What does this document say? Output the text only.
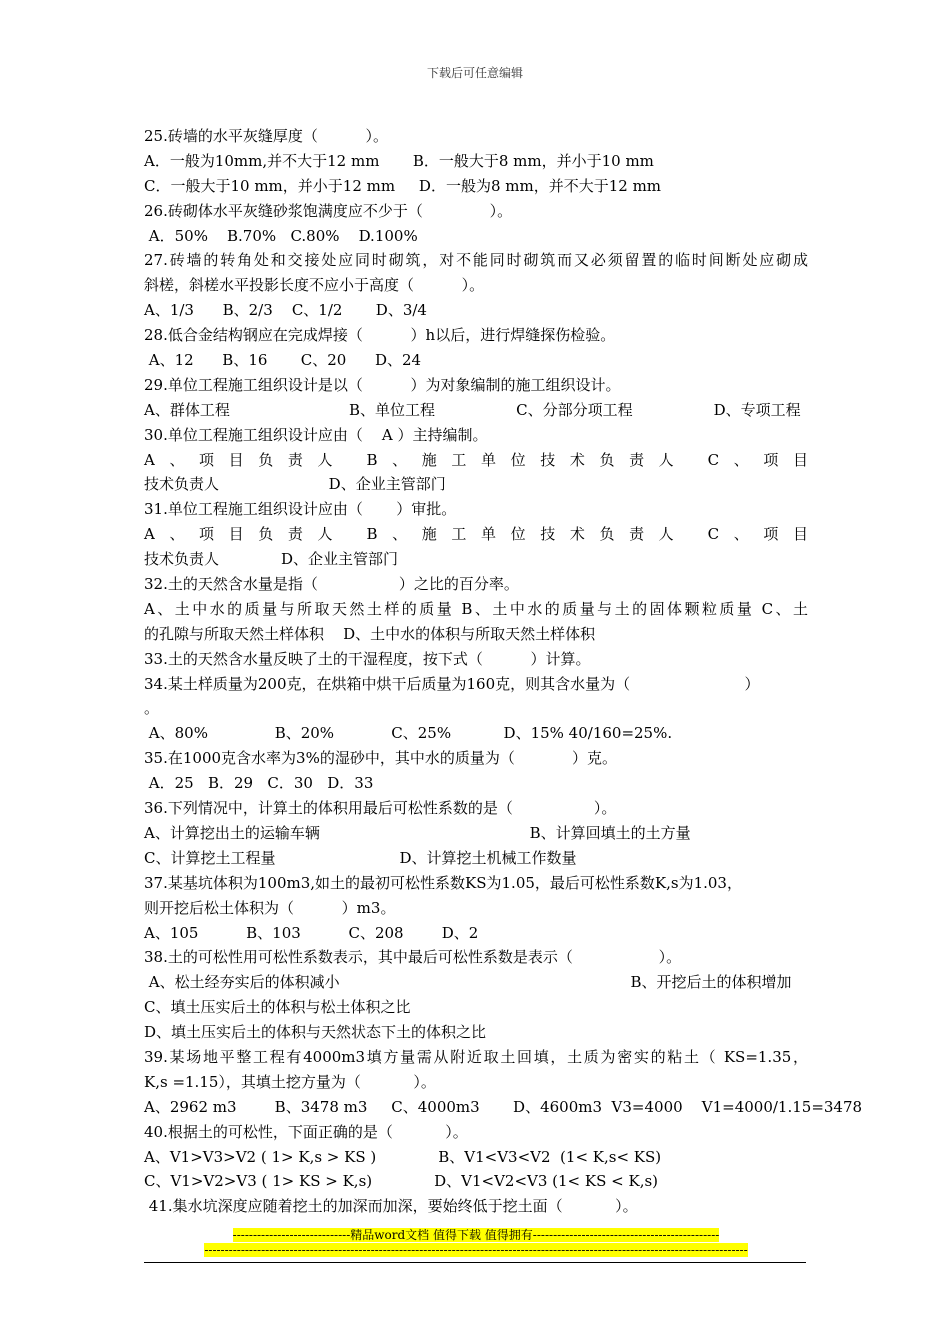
下载后可任意编辑
25.砖墙的水平灰缝厚度（          ）。
A．一般为10mm,并不大于12 mm       B．一般大于8 mm，并小于10 mm
C．一般大于10 mm，并小于12 mm     D．一般为8 mm，并不大于12 mm
26.砖砌体水平灰缝砂浆饱满度应不少于（              ）。
A．50%    B.70%   C.80%    D.100%
27.砖墙的转角处和交接处应同时砌筑，对不能同时砌筑而又必须留置的临时间断处应砌成
斜槎，斜槎水平投影长度不应小于高度（          ）。
A、1/3      B、2/3    C、1/2       D、3/4
28.低合金结构钢应在完成焊接（          ）h以后，进行焊缝探伤检验。
A、12      B、16       C、20      D、24
29.单位工程施工组织设计是以（          ）为对象编制的施工组织设计。
A、群体工程                         B、单位工程                 C、分部分项工程                 D、专项工程
30.单位工程施工组织设计应由（    A ）主持编制。
A、项目负责人 B、施工单位技术负责人 C、项目
技术负责人                       D、企业主管部门
31.单位工程施工组织设计应由（       ）审批。
A、项目负责人 B、施工单位技术负责人 C、项目
技术负责人             D、企业主管部门
32.土的天然含水量是指（                 ）之比的百分率。
A、土中水的质量与所取天然土样的质量 B、土中水的质量与土的固体颗粒质量 C、土
的孔隙与所取天然土样体积    D、土中水的体积与所取天然土样体积
33.土的天然含水量反映了土的干湿程度，按下式（          ）计算。
34.某土样质量为200克，在烘箱中烘干后质量为160克，则其含水量为（                        ）
。
A、80%              B、20%            C、25%           D、15% 40/160=25%.
35.在1000克含水率为3%的湿砂中，其中水的质量为（            ）克。
A．25   B．29   C．30   D．33
36.下列情况中，计算土的体积用最后可松性系数的是（                 ）。
A、计算挖出土的运输车辆                                            B、计算回填土的土方量
C、计算挖土工程量                          D、计算挖土机械工作数量
37.某基坑体积为100m3,如土的最初可松性系数KS为1.05，最后可松性系数K,s为1.03，
则开挖后松土体积为（          ）m3。
A、105          B、103          C、208        D、2
38.土的可松性用可松性系数表示，其中最后可松性系数是表示（                  ）。
A、松土经夯实后的体积减小                                                             B、开挖后土的体积增加
C、填土压实后土的体积与松土体积之比
D、填土压实后土的体积与天然状态下土的体积之比
39.某场地平整工程有4000m3填方量需从附近取土回填，土质为密实的粘土（ KS=1.35，
K,s =1.15），其填土挖方量为（           ）。
A、2962 m3        B、3478 m3     C、4000m3       D、4600m3  V3=4000    V1=4000/1.15=3478
40.根据土的可松性，下面正确的是（           ）。
A、V1>V3>V2 ( 1> K,s > KS )             B、V1<V3<V2  (1< K,s< KS)
C、V1>V2>V3 ( 1> KS > K,s)             D、V1<V2<V3 (1< KS < K,s)
41.集水坑深度应随着挖土的加深而加深，要始终低于挖土面（           ）。
-----------------------------精品word文档 值得下载 值得拥有----------------------------------------------
--------------------------------------------------------------------------------------------------------------------------------------
